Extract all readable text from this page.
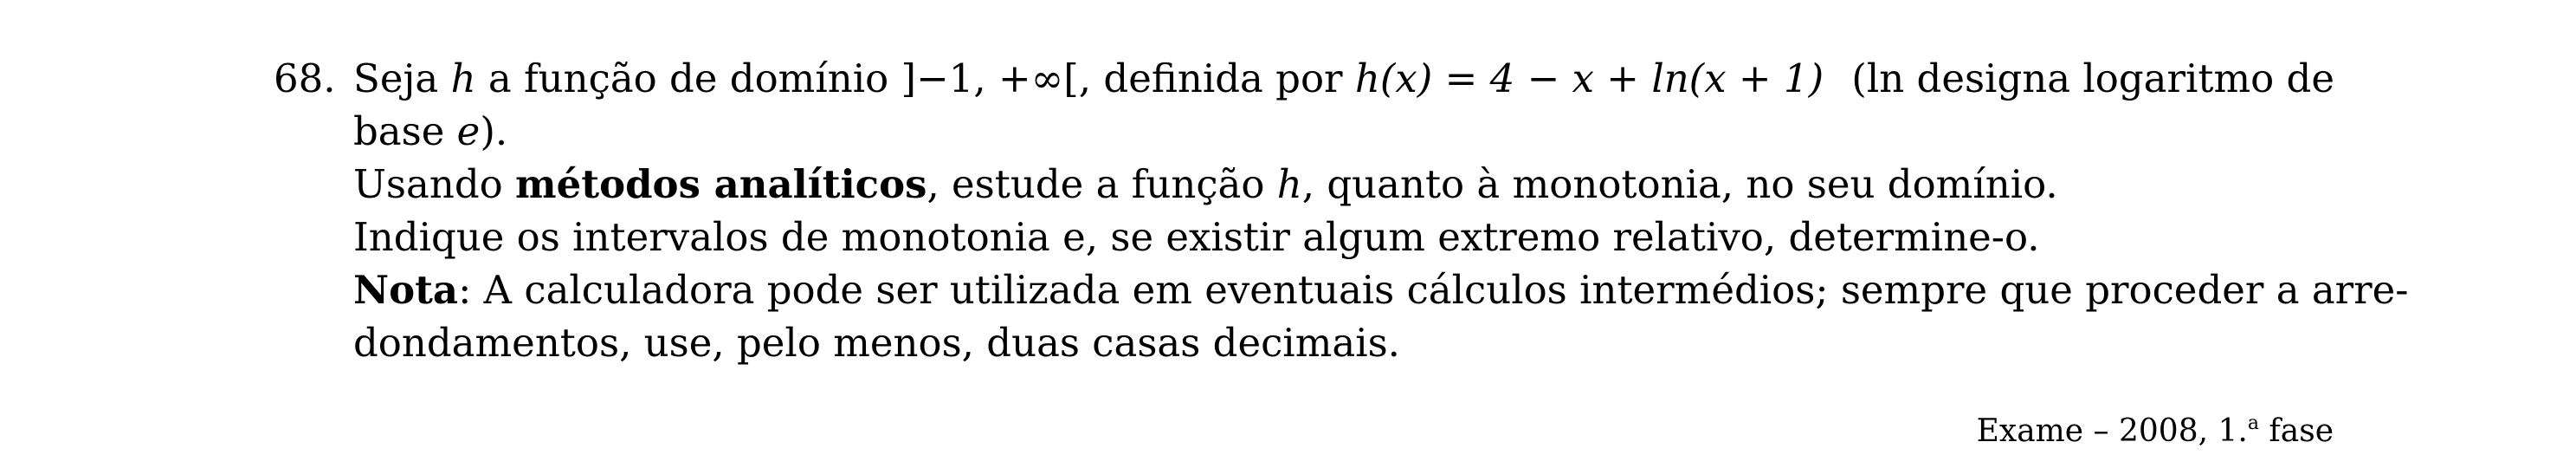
68. Seja h a função de domínio ]−1, +∞[, definida por h(x) = 4 − x + ln(x + 1) (ln designa logaritmo de
base e).
Usando métodos analíticos, estude a função h, quanto à monotonia, no seu domínio.
Indique os intervalos de monotonia e, se existir algum extremo relativo, determine-o.
Nota: A calculadora pode ser utilizada em eventuais cálculos intermédios; sempre que proceder a arre-
dondamentos, use, pelo menos, duas casas decimais.
Exame – 2008, 1.$^a$ fase
